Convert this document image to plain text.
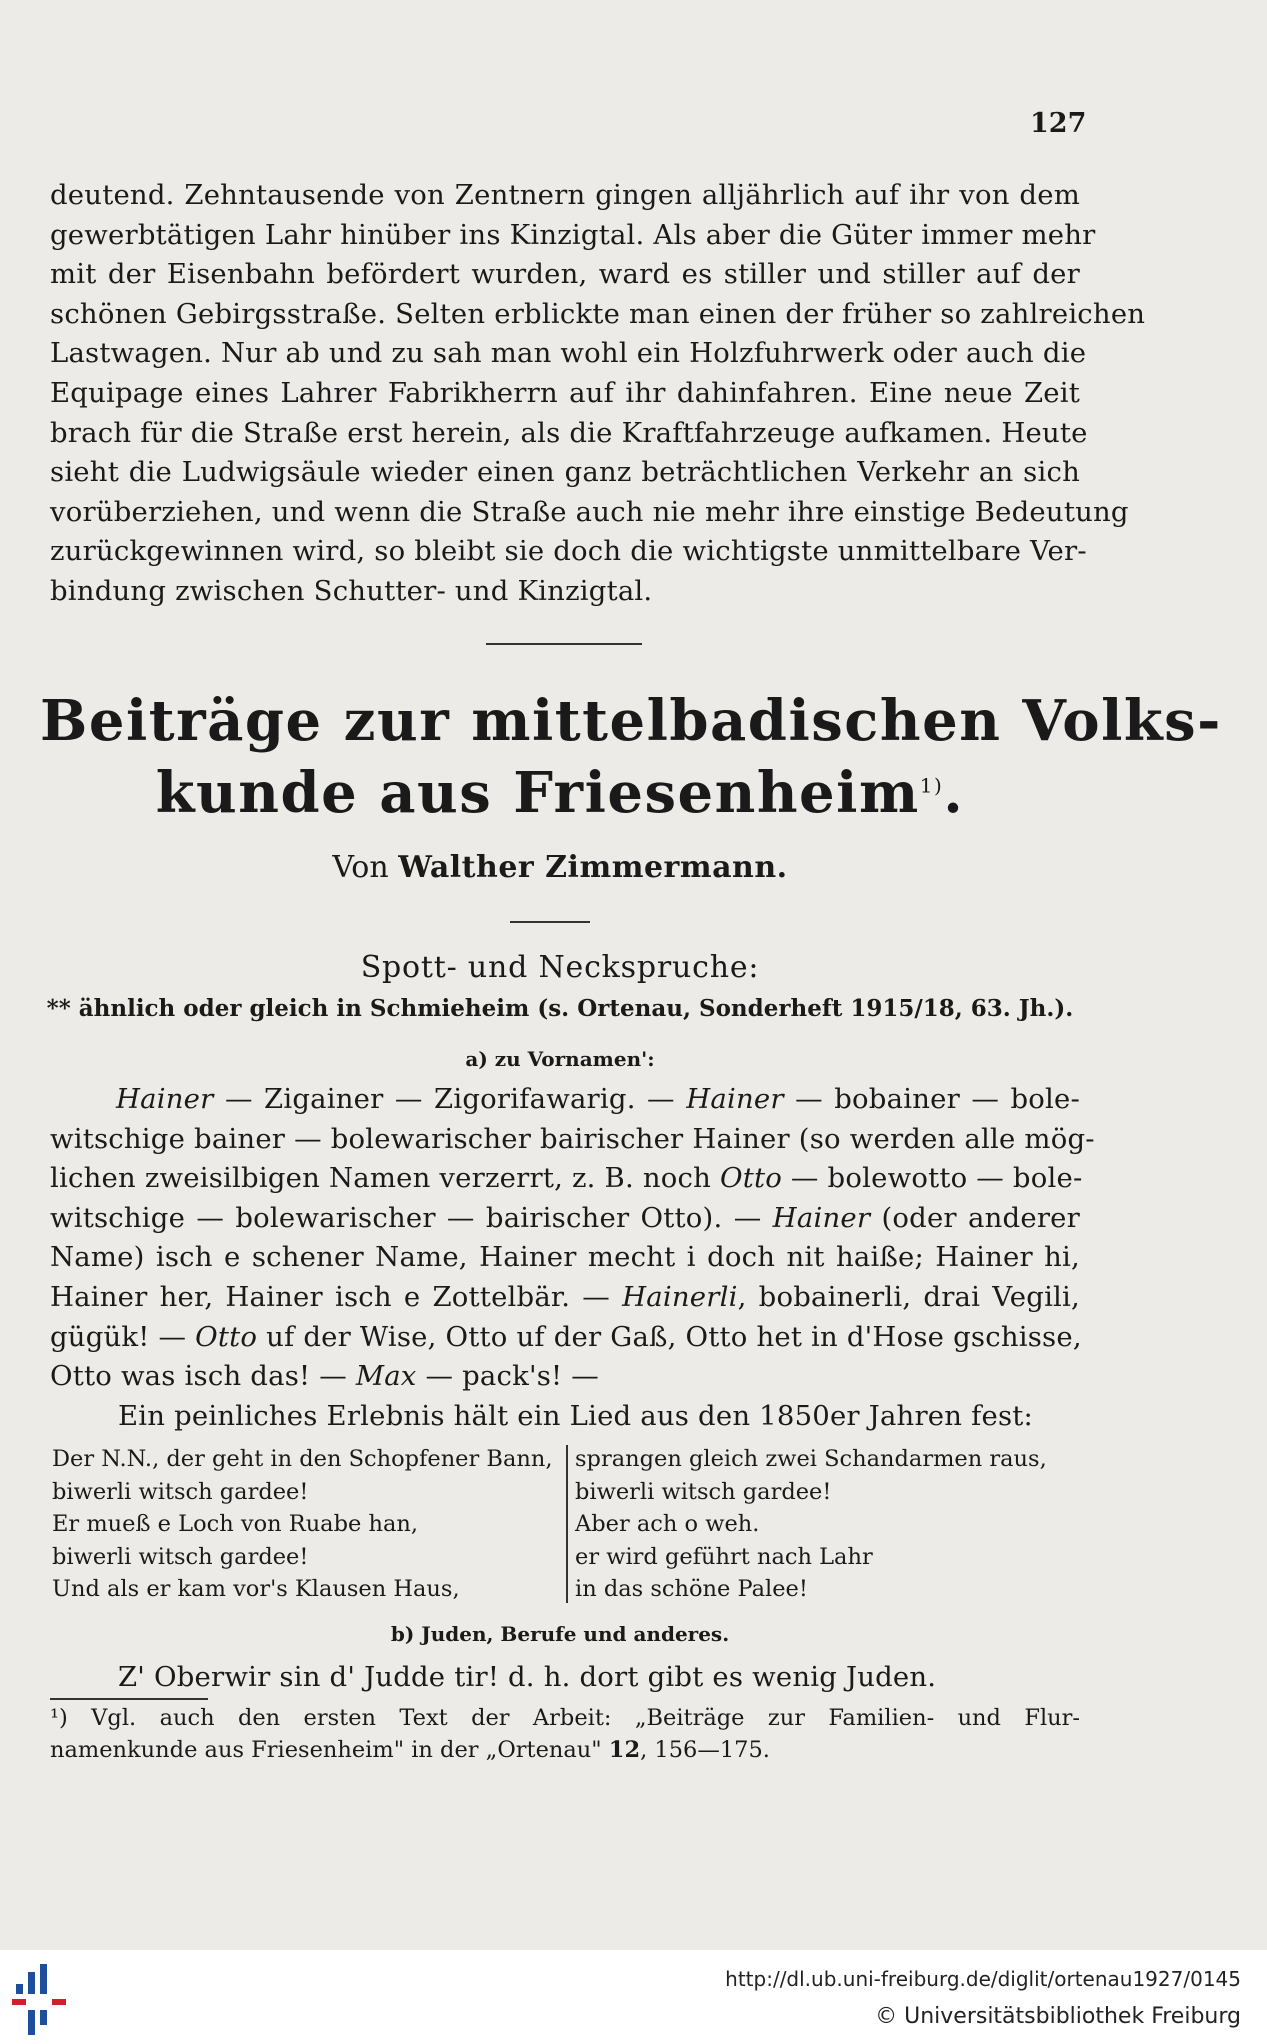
127
deutend. Zehntausende von Zentnern gingen alljährlich auf ihr von dem
gewerbtätigen Lahr hinüber ins Kinzigtal. Als aber die Güter immer mehr
mit der Eisenbahn befördert wurden, ward es stiller und stiller auf der
schönen Gebirgsstraße. Selten erblickte man einen der früher so zahlreichen
Lastwagen. Nur ab und zu sah man wohl ein Holzfuhrwerk oder auch die
Equipage eines Lahrer Fabrikherrn auf ihr dahinfahren. Eine neue Zeit
brach für die Straße erst herein, als die Kraftfahrzeuge aufkamen. Heute
sieht die Ludwigsäule wieder einen ganz beträchtlichen Verkehr an sich
vorüberziehen, und wenn die Straße auch nie mehr ihre einstige Bedeutung
zurückgewinnen wird, so bleibt sie doch die wichtigste unmittelbare Ver-
bindung zwischen Schutter- und Kinzigtal.
Beiträge zur mittelbadischen Volks-
kunde aus Friesenheim$^{1)}$.
Von Walther Zimmermann.
Spott- und Neckspruche:
** ähnlich oder gleich in Schmieheim (s. Ortenau, Sonderheft 1915/18, 63. Jh.).
a) zu Vornamen':
Hainer — Zigainer — Zigorifawarig. — Hainer — bobainer — bole-
witschige bainer — bolewarischer bairischer Hainer (so werden alle mög-
lichen zweisilbigen Namen verzerrt, z. B. noch Otto — bolewotto — bole-
witschige — bolewarischer — bairischer Otto). — Hainer (oder anderer
Name) isch e schener Name, Hainer mecht i doch nit haiße; Hainer hi,
Hainer her, Hainer isch e Zottelbär. — Hainerli, bobainerli, drai Vegili,
gügük! — Otto uf der Wise, Otto uf der Gaß, Otto het in d'Hose gschisse,
Otto was isch das! — Max — pack's! —
Ein peinliches Erlebnis hält ein Lied aus den 1850er Jahren fest:
Der N.N., der geht in den Schopfener Bann,
biwerli witsch gardee!
Er mueß e Loch von Ruabe han,
biwerli witsch gardee!
Und als er kam vor's Klausen Haus,
sprangen gleich zwei Schandarmen raus,
biwerli witsch gardee!
Aber ach o weh.
er wird geführt nach Lahr
in das schöne Palee!
b) Juden, Berufe und anderes.
Z' Oberwir sin d' Judde tir! d. h. dort gibt es wenig Juden.
¹) Vgl. auch den ersten Text der Arbeit: „Beiträge zur Familien- und Flur-
namenkunde aus Friesenheim" in der „Ortenau" 12, 156—175.
http://dl.ub.uni-freiburg.de/diglit/ortenau1927/0145
© Universitätsbibliothek Freiburg
